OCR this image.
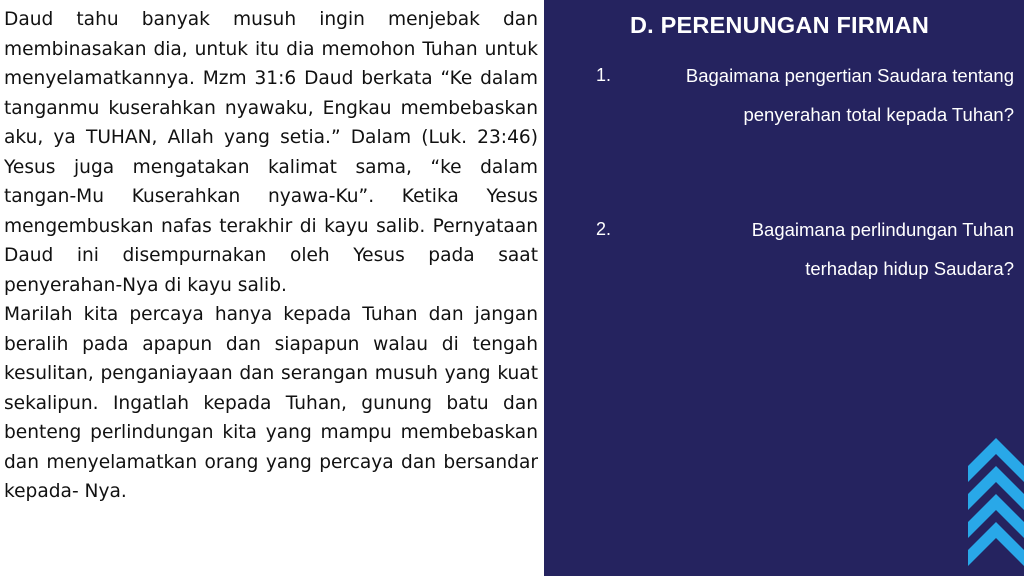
Daud tahu banyak musuh ingin menjebak dan membinasakan dia, untuk itu dia memohon Tuhan untuk menyelamatkannya. Mzm 31:6 Daud berkata “Ke dalam tanganmu kuserahkan nyawaku, Engkau membebaskan aku, ya TUHAN, Allah yang setia.” Dalam (Luk. 23:46) Yesus juga mengatakan kalimat sama, “ke dalam tangan-Mu Kuserahkan nyawa-Ku”. Ketika Yesus mengembuskan nafas terakhir di kayu salib. Pernyataan Daud ini disempurnakan oleh Yesus pada saat penyerahan-Nya di kayu salib.

Marilah kita percaya hanya kepada Tuhan dan jangan beralih pada apapun dan siapapun walau di tengah kesulitan, penganiayaan dan serangan musuh yang kuat sekalipun. Ingatlah kepada Tuhan, gunung batu dan benteng perlindungan kita yang mampu membebaskan dan menyelamatkan orang yang percaya dan bersandar kepada- Nya.

D. PERENUNGAN FIRMAN
1.	Bagaimana pengertian Saudara tentang penyerahan total kepada Tuhan?
2.	Bagaimana perlindungan Tuhan terhadap hidup Saudara?
